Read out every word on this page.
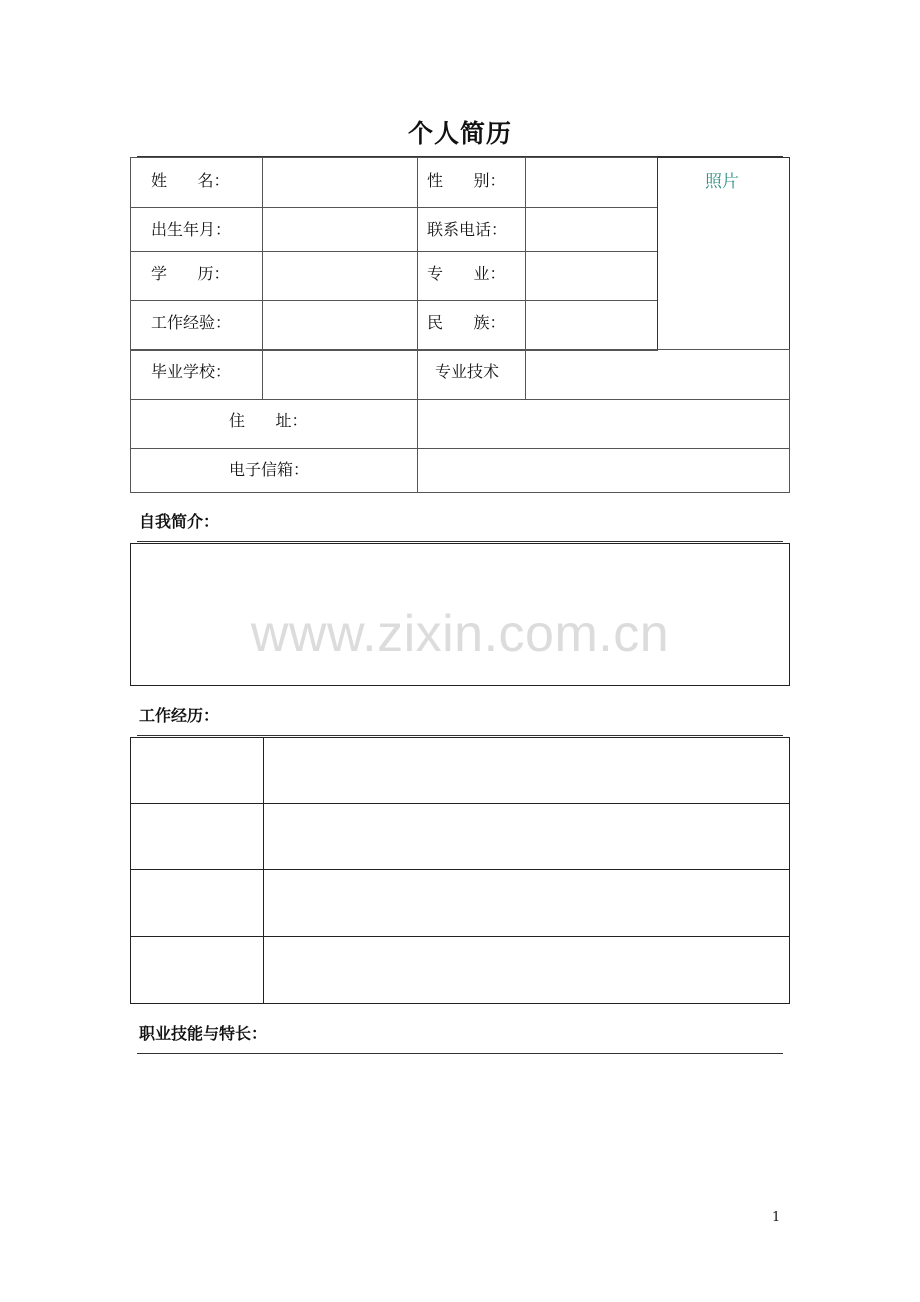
个人简历
姓      名：	性      别：	照片
出生年月：	联系电话：
学      历：	专      业：
工作经验：	民      族：
毕业学校：	专业技术
住      址：
电子信箱：
自我简介：
www.zixin.com.cn
工作经历：
职业技能与特长：
1
